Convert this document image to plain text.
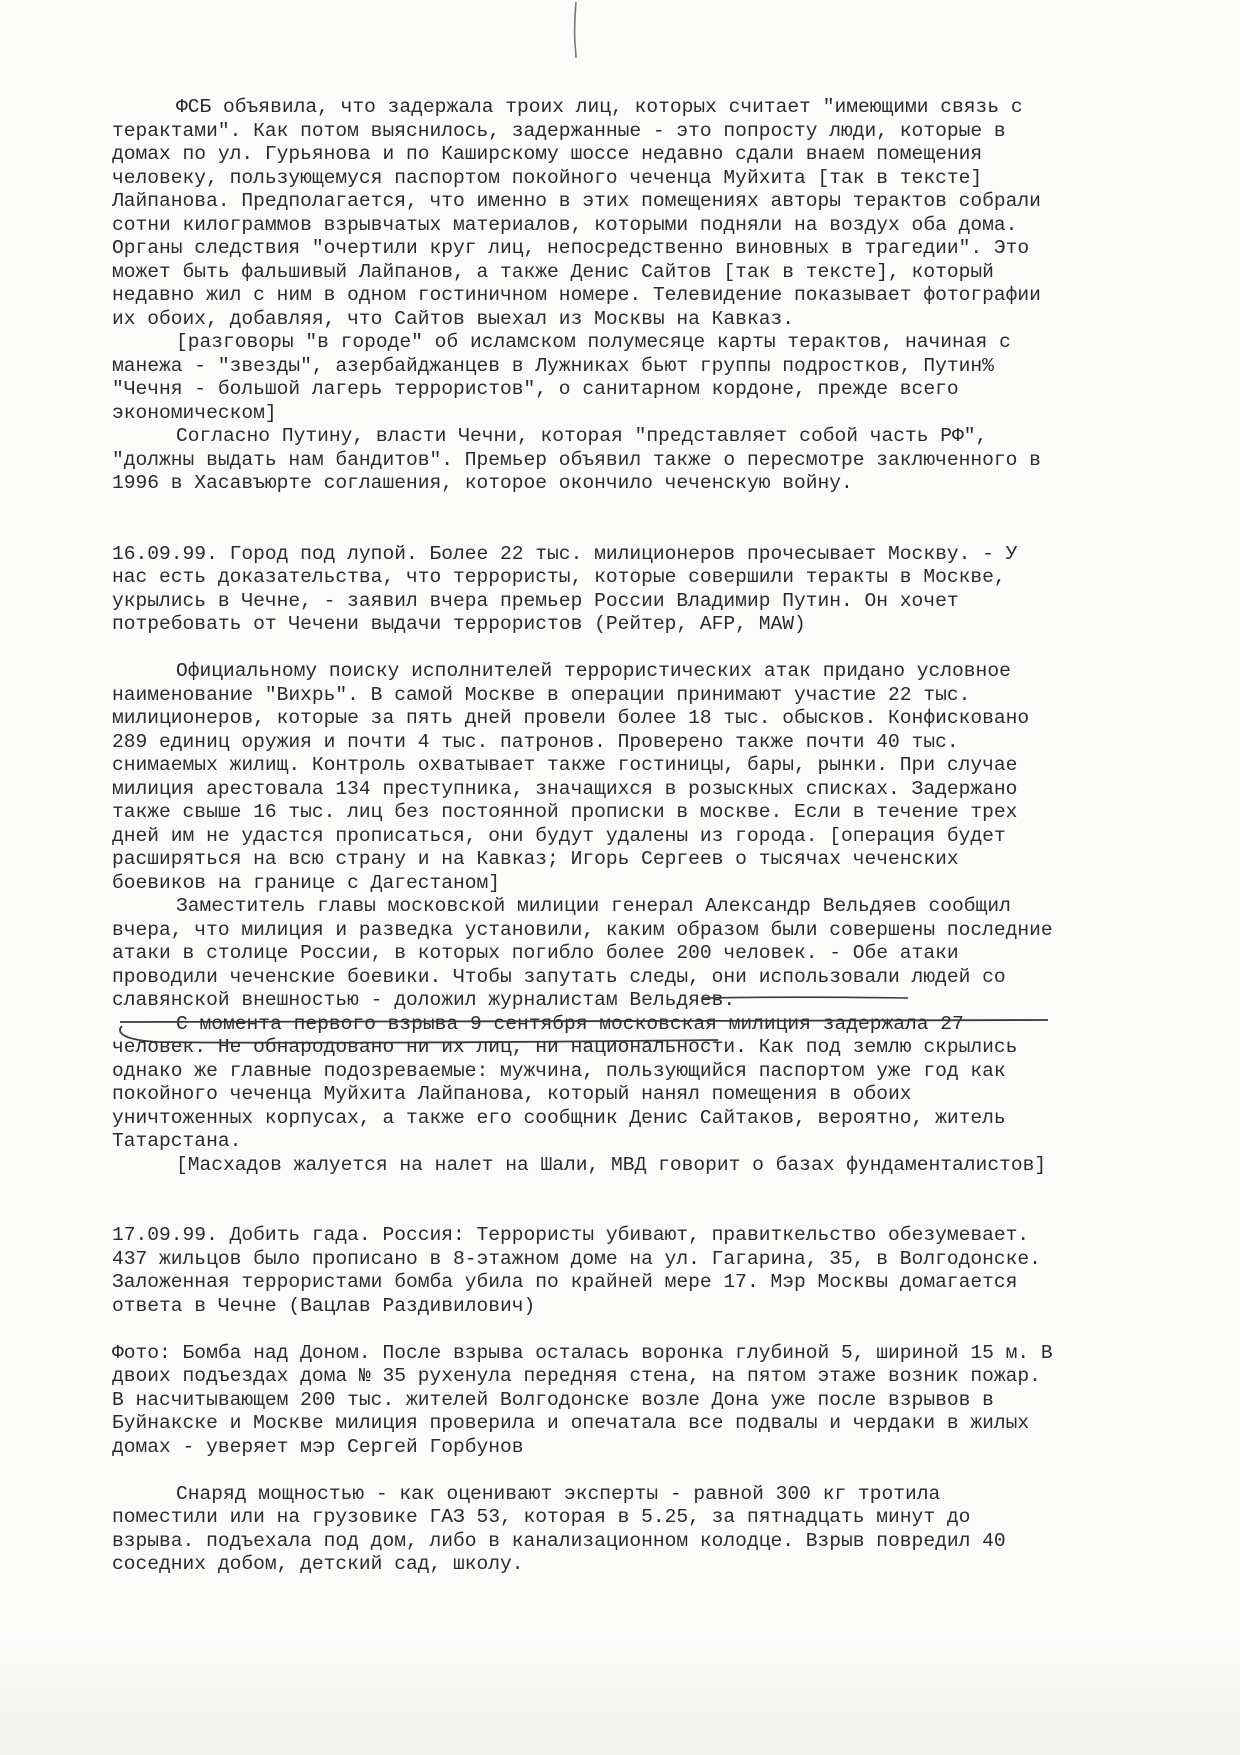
ФСБ объявила, что задержала троих лиц, которых считает "имеющими связь с
терактами". Как потом выяснилось, задержанные - это попросту люди, которые в
домах по ул. Гурьянова и по Каширскому шоссе недавно сдали внаем помещения
человеку, пользующемуся паспортом покойного чеченца Муйхита [так в тексте]
Лайпанова. Предполагается, что именно в этих помещениях авторы терактов собрали
сотни килограммов взрывчатых материалов, которыми подняли на воздух оба дома.
Органы следствия "очертили круг лиц, непосредственно виновных в трагедии". Это
может быть фальшивый Лайпанов, а также Денис Сайтов [так в тексте], который
недавно жил с ним в одном гостиничном номере. Телевидение показывает фотографии
их обоих, добавляя, что Сайтов выехал из Москвы на Кавказ.
[разговоры "в городе" об исламском полумесяце карты терактов, начиная с
манежа - "звезды", азербайджанцев в Лужниках бьют группы подростков, Путин%
"Чечня - большой лагерь террористов", о санитарном кордоне, прежде всего
экономическом]
Согласно Путину, власти Чечни, которая "представляет собой часть РФ",
"должны выдать нам бандитов". Премьер объявил также о пересмотре заключенного в
1996 в Хасавъюрте соглашения, которое окончило чеченскую войну.
16.09.99. Город под лупой. Более 22 тыс. милиционеров прочесывает Москву. - У
нас есть доказательства, что террористы, которые совершили теракты в Москве,
укрылись в Чечне, - заявил вчера премьер России Владимир Путин. Он хочет
потребовать от Чечени выдачи террористов (Рейтер, AFP, MAW)
Официальному поиску исполнителей террористических атак придано условное
наименование "Вихрь". В самой Москве в операции принимают участие 22 тыс.
милиционеров, которые за пять дней провели более 18 тыс. обысков. Конфисковано
289 единиц оружия и почти 4 тыс. патронов. Проверено также почти 40 тыс.
снимаемых жилищ. Контроль охватывает также гостиницы, бары, рынки. При случае
милиция арестовала 134 преступника, значащихся в розыскных списках. Задержано
также свыше 16 тыс. лиц без постоянной прописки в москве. Если в течение трех
дней им не удастся прописаться, они будут удалены из города. [операция будет
расширяться на всю страну и на Кавказ; Игорь Сергеев о тысячах чеченских
боевиков на границе с Дагестаном]
Заместитель главы московской милиции генерал Александр Вельдяев сообщил
вчера, что милиция и разведка установили, каким образом были совершены последние
атаки в столице России, в которых погибло более 200 человек. - Обе атаки
проводили чеченские боевики. Чтобы запутать следы, они использовали людей со
славянской внешностью - доложил журналистам Вельдяев.
С момента первого взрыва 9 сентября московская милиция задержала 27
человек. Не обнародовано ни их лиц, ни национальности. Как под землю скрылись
однако же главные подозреваемые: мужчина, пользующийся паспортом уже год как
покойного чеченца Муйхита Лайпанова, который нанял помещения в обоих
уничтоженных корпусах, а также его сообщник Денис Сайтаков, вероятно, житель
Татарстана.
[Масхадов жалуется на налет на Шали, МВД говорит о базах фундаменталистов]
17.09.99. Добить гада. Россия: Террористы убивают, правиткельство обезумевает.
437 жильцов было прописано в 8-этажном доме на ул. Гагарина, 35, в Волгодонске.
Заложенная террористами бомба убила по крайней мере 17. Мэр Москвы домагается
ответа в Чечне (Вацлав Раздивилович)
Фото: Бомба над Доном. После взрыва осталась воронка глубиной 5, шириной 15 м. В
двоих подъездах дома № 35 рухенула передняя стена, на пятом этаже возник пожар.
В насчитывающем 200 тыс. жителей Волгодонске возле Дона уже после взрывов в
Буйнакске и Москве милиция проверила и опечатала все подвалы и чердаки в жилых
домах - уверяет мэр Сергей Горбунов
Снаряд мощностью - как оценивают эксперты - равной 300 кг тротила
поместили или на грузовике ГАЗ 53, которая в 5.25, за пятнадцать минут до
взрыва. подъехала под дом, либо в канализационном колодце. Взрыв повредил 40
соседних добом, детский сад, школу.
